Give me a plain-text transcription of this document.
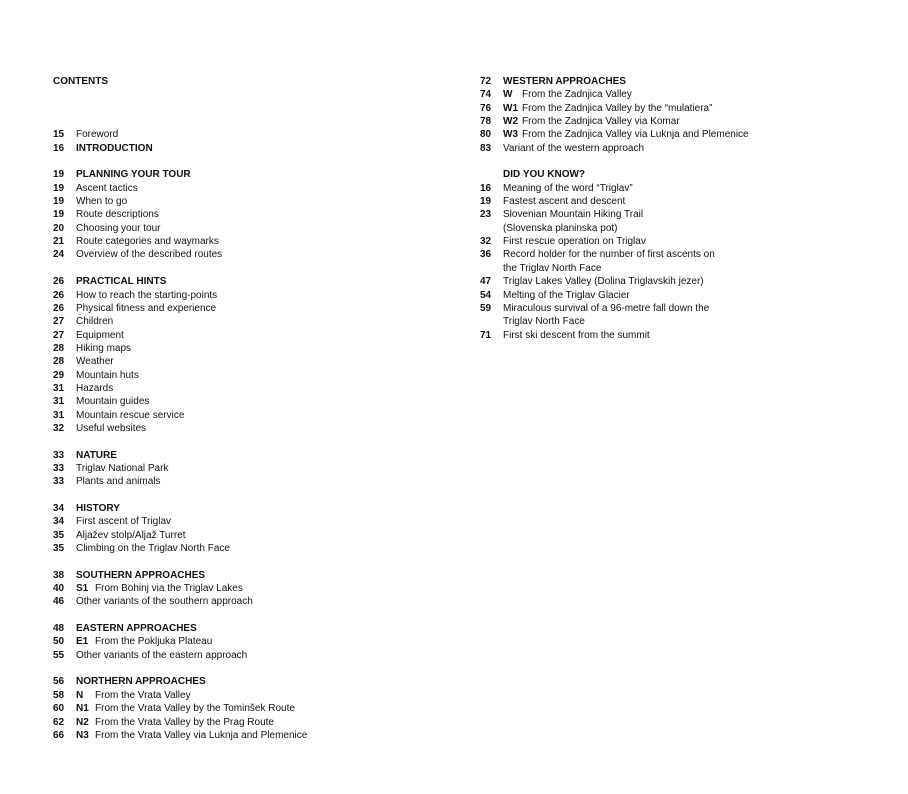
CONTENTS
15	Foreword
16	INTRODUCTION
19	PLANNING YOUR TOUR
19	Ascent tactics
19	When to go
19	Route descriptions
20	Choosing your tour
21	Route categories and waymarks
24	Overview of the described routes
26	PRACTICAL HINTS
26	How to reach the starting-points
26	Physical fitness and experience
27	Children
27	Equipment
28	Hiking maps
28	Weather
29	Mountain huts
31	Hazards
31	Mountain guides
31	Mountain rescue service
32	Useful websites
33	NATURE
33	Triglav National Park
33	Plants and animals
34	HISTORY
34	First ascent of Triglav
35	Aljažev stolp/Aljaž Turret
35	Climbing on the Triglav North Face
38	SOUTHERN APPROACHES
40	S1 From Bohinj via the Triglav Lakes
46	Other variants of the southern approach
48	EASTERN APPROACHES
50	E1 From the Pokljuka Plateau
55	Other variants of the eastern approach
56	NORTHERN APPROACHES
58	N From the Vrata Valley
60	N1 From the Vrata Valley by the Tominšek Route
62	N2 From the Vrata Valley by the Prag Route
66	N3 From the Vrata Valley via Luknja and Plemenice
72	WESTERN APPROACHES
74	W From the Zadnjica Valley
76	W1 From the Zadnjica Valley by the “mulatiera”
78	W2 From the Zadnjica Valley via Komar
80	W3 From the Zadnjica Valley via Luknja and Plemenice
83	Variant of the western approach
DID YOU KNOW?
16	Meaning of the word “Triglav”
19	Fastest ascent and descent
23	Slovenian Mountain Hiking Trail
(Slovenska planinska pot)
32	First rescue operation on Triglav
36	Record holder for the number of first ascents on
the Triglav North Face
47	Triglav Lakes Valley (Dolina Triglavskih jezer)
54	Melting of the Triglav Glacier
59	Miraculous survival of a 96-metre fall down the
Triglav North Face
71	First ski descent from the summit
